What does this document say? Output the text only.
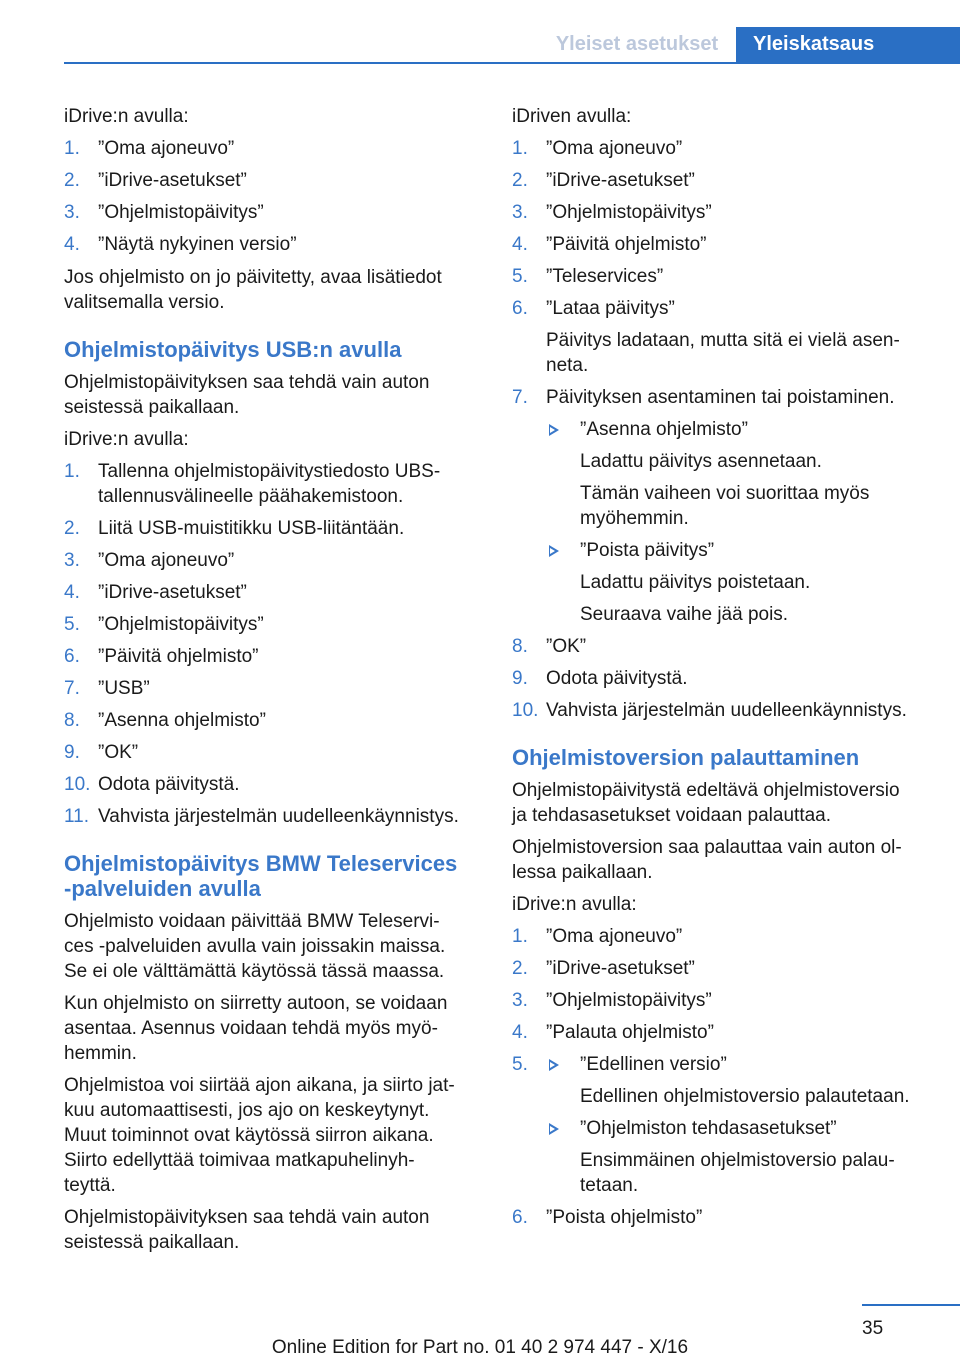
Yleiset asetukset	Yleiskatsaus
iDrive:n avulla:
1. ”Oma ajoneuvo”
2. ”iDrive-asetukset”
3. ”Ohjelmistopäivitys”
4. ”Näytä nykyinen versio”
Jos ohjelmisto on jo päivitetty, avaa lisätiedot
valitsemalla versio.
Ohjelmistopäivitys USB:n avulla
Ohjelmistopäivityksen saa tehdä vain auton
seistessä paikallaan.
iDrive:n avulla:
1. Tallenna ohjelmistopäivitystiedosto UBS-
tallennusvälineelle päähakemistoon.
2. Liitä USB-muistitikku USB-liitäntään.
3. ”Oma ajoneuvo”
4. ”iDrive-asetukset”
5. ”Ohjelmistopäivitys”
6. ”Päivitä ohjelmisto”
7. ”USB”
8. ”Asenna ohjelmisto”
9. ”OK”
10. Odota päivitystä.
11. Vahvista järjestelmän uudelleenkäynnistys.
Ohjelmistopäivitys BMW Teleservices
-palveluiden avulla
Ohjelmisto voidaan päivittää BMW Teleservi-
ces -palveluiden avulla vain joissakin maissa.
Se ei ole välttämättä käytössä tässä maassa.
Kun ohjelmisto on siirretty autoon, se voidaan
asentaa. Asennus voidaan tehdä myös myö-
hemmin.
Ohjelmistoa voi siirtää ajon aikana, ja siirto jat-
kuu automaattisesti, jos ajo on keskeytynyt.
Muut toiminnot ovat käytössä siirron aikana.
Siirto edellyttää toimivaa matkapuhelinyh-
teyttä.
Ohjelmistopäivityksen saa tehdä vain auton
seistessä paikallaan.
iDriven avulla:
1. ”Oma ajoneuvo”
2. ”iDrive-asetukset”
3. ”Ohjelmistopäivitys”
4. ”Päivitä ohjelmisto”
5. ”Teleservices”
6. ”Lataa päivitys”
Päivitys ladataan, mutta sitä ei vielä asen-
neta.
7. Päivityksen asentaminen tai poistaminen.
”Asenna ohjelmisto”
Ladattu päivitys asennetaan.
Tämän vaiheen voi suorittaa myös
myöhemmin.
”Poista päivitys”
Ladattu päivitys poistetaan.
Seuraava vaihe jää pois.
8. ”OK”
9. Odota päivitystä.
10. Vahvista järjestelmän uudelleenkäynnistys.
Ohjelmistoversion palauttaminen
Ohjelmistopäivitystä edeltävä ohjelmistoversio
ja tehdasasetukset voidaan palauttaa.
Ohjelmistoversion saa palauttaa vain auton ol-
lessa paikallaan.
iDrive:n avulla:
1. ”Oma ajoneuvo”
2. ”iDrive-asetukset”
3. ”Ohjelmistopäivitys”
4. ”Palauta ohjelmisto”
5.	”Edellinen versio”
Edellinen ohjelmistoversio palautetaan.
”Ohjelmiston tehdasasetukset”
Ensimmäinen ohjelmistoversio palau-
tetaan.
6. ”Poista ohjelmisto”
35
Online Edition for Part no. 01 40 2 974 447 - X/16
